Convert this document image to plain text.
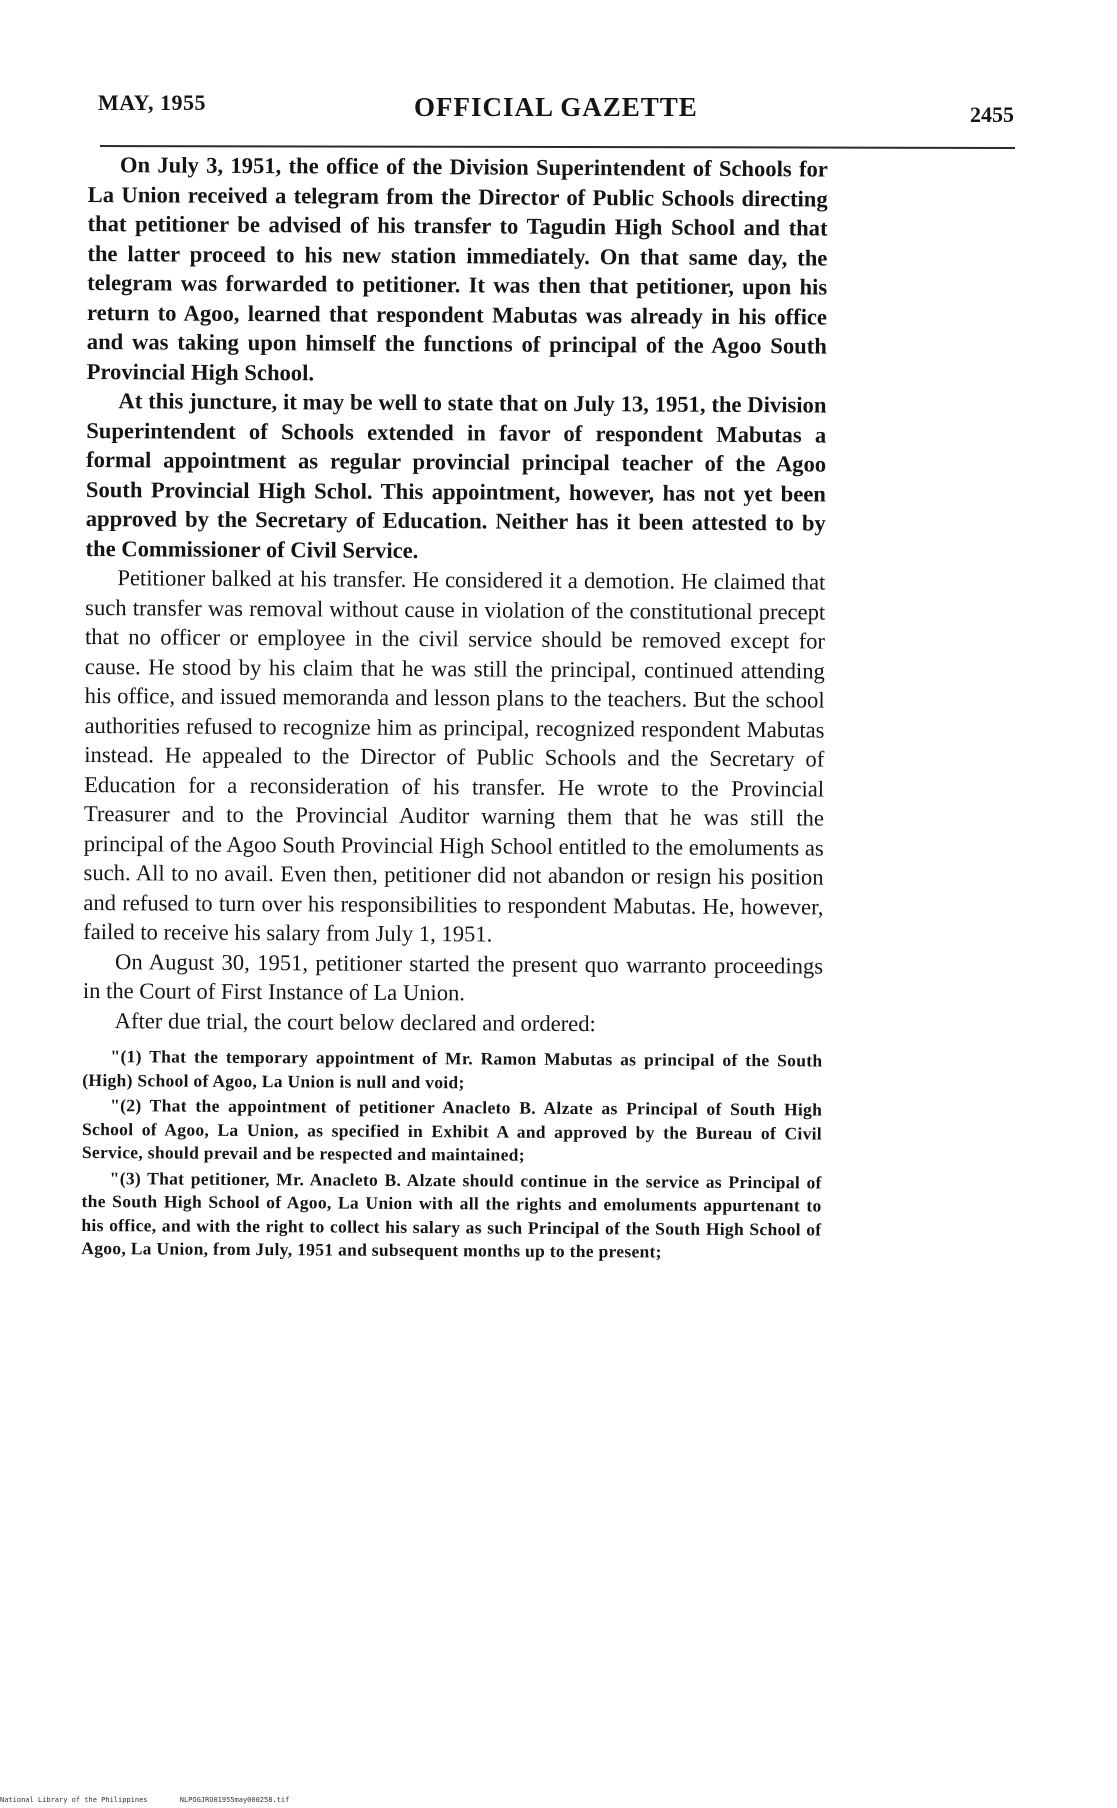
MAY, 1955	OFFICIAL GAZETTE	2455

On July 3, 1951, the office of the Division Superintendent of Schools for La Union received a telegram from the Director of Public Schools directing that petitioner be advised of his transfer to Tagudin High School and that the latter proceed to his new station immediately. On that same day, the telegram was forwarded to petitioner. It was then that petitioner, upon his return to Agoo, learned that respondent Mabutas was already in his office and was taking upon himself the functions of principal of the Agoo South Provincial High School.

At this juncture, it may be well to state that on July 13, 1951, the Division Superintendent of Schools extended in favor of respondent Mabutas a formal appointment as regular provincial principal teacher of the Agoo South Provincial High Schol. This appointment, however, has not yet been approved by the Secretary of Education. Neither has it been attested to by the Commissioner of Civil Service.

Petitioner balked at his transfer. He considered it a demotion. He claimed that such transfer was removal without cause in violation of the constitutional precept that no officer or employee in the civil service should be removed except for cause. He stood by his claim that he was still the principal, continued attending his office, and issued memoranda and lesson plans to the teachers. But the school authorities refused to recognize him as principal, recognized respondent Mabutas instead. He appealed to the Director of Public Schools and the Secretary of Education for a reconsideration of his transfer. He wrote to the Provincial Treasurer and to the Provincial Auditor warning them that he was still the principal of the Agoo South Provincial High School entitled to the emoluments as such. All to no avail. Even then, petitioner did not abandon or resign his position and refused to turn over his responsibilities to respondent Mabutas. He, however, failed to receive his salary from July 1, 1951.

On August 30, 1951, petitioner started the present quo warranto proceedings in the Court of First Instance of La Union.

After due trial, the court below declared and ordered:

"(1) That the temporary appointment of Mr. Ramon Mabutas as principal of the South (High) School of Agoo, La Union is null and void;

"(2) That the appointment of petitioner Anacleto B. Alzate as Principal of South High School of Agoo, La Union, as specified in Exhibit A and approved by the Bureau of Civil Service, should prevail and be respected and maintained;

"(3) That petitioner, Mr. Anacleto B. Alzate should continue in the service as Principal of the South High School of Agoo, La Union with all the rights and emoluments appurtenant to his office, and with the right to collect his salary as such Principal of the South High School of Agoo, La Union, from July, 1951 and subsequent months up to the present;

National Library of the Philippines	NLPOGJRO01955may000258.tif
